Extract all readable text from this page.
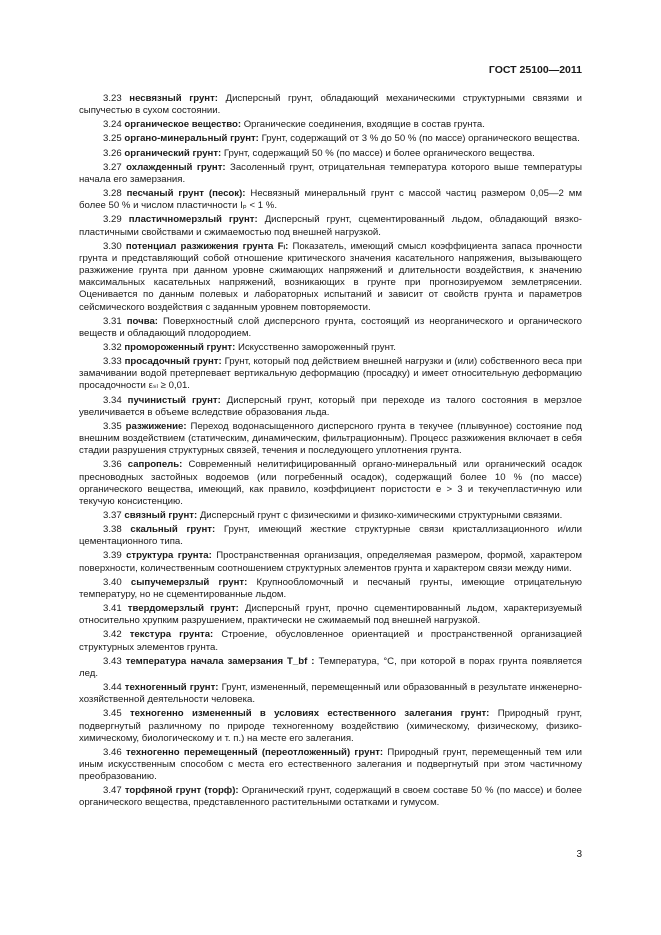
ГОСТ 25100—2011

3.23 несвязный грунт: Дисперсный грунт, обладающий механическими структурными связями и сыпучестью в сухом состоянии.

3.24 органическое вещество: Органические соединения, входящие в состав грунта.

3.25 органо-минеральный грунт: Грунт, содержащий от 3 % до 50 % (по массе) органического вещества.

3.26 органический грунт: Грунт, содержащий 50 % (по массе) и более органического вещества.

3.27 охлажденный грунт: Засоленный грунт, отрицательная температура которого выше температуры начала его замерзания.

3.28 песчаный грунт (песок): Несвязный минеральный грунт с массой частиц размером 0,05—2 мм более 50 % и числом пластичности Iₚ < 1 %.

3.29 пластичномерзлый грунт: Дисперсный грунт, сцементированный льдом, обладающий вязко-пластичными свойствами и сжимаемостью под внешней нагрузкой.

3.30 потенциал разжижения грунта Fₗ: Показатель, имеющий смысл коэффициента запаса прочности грунта и представляющий собой отношение критического значения касательного напряжения, вызывающего разжижение грунта при данном уровне сжимающих напряжений и длительности воздействия, к значению максимальных касательных напряжений, возникающих в грунте при прогнозируемом землетрясении. Оценивается по данным полевых и лабораторных испытаний и зависит от свойств грунта и параметров сейсмического воздействия с заданным уровнем повторяемости.

3.31 почва: Поверхностный слой дисперсного грунта, состоящий из неорганического и органического веществ и обладающий плодородием.

3.32 промороженный грунт: Искусственно замороженный грунт.

3.33 просадочный грунт: Грунт, который под действием внешней нагрузки и (или) собственного веса при замачивании водой претерпевает вертикальную деформацию (просадку) и имеет относительную деформацию просадочности εₛₗ ≥ 0,01.

3.34 пучинистый грунт: Дисперсный грунт, который при переходе из талого состояния в мерзлое увеличивается в объеме вследствие образования льда.

3.35 разжижение: Переход водонасыщенного дисперсного грунта в текучее (плывунное) состояние под внешним воздействием (статическим, динамическим, фильтрационным). Процесс разжижения включает в себя стадии разрушения структурных связей, течения и последующего уплотнения грунта.

3.36 сапропель: Современный нелитифицированный органо-минеральный или органический осадок пресноводных застойных водоемов (или погребенный осадок), содержащий более 10 % (по массе) органического вещества, имеющий, как правило, коэффициент пористости e > 3 и текучепластичную или текучую консистенцию.

3.37 связный грунт: Дисперсный грунт с физическими и физико-химическими структурными связями.

3.38 скальный грунт: Грунт, имеющий жесткие структурные связи кристаллизационного и/или цементационного типа.

3.39 структура грунта: Пространственная организация, определяемая размером, формой, характером поверхности, количественным соотношением структурных элементов грунта и характером связи между ними.

3.40 сыпучемерзлый грунт: Крупнообломочный и песчаный грунты, имеющие отрицательную температуру, но не сцементированные льдом.

3.41 твердомерзлый грунт: Дисперсный грунт, прочно сцементированный льдом, характеризуемый относительно хрупким разрушением, практически не сжимаемый под внешней нагрузкой.

3.42 текстура грунта: Строение, обусловленное ориентацией и пространственной организацией структурных элементов грунта.

3.43 температура начала замерзания T_bf : Температура, °С, при которой в порах грунта появляется лед.

3.44 техногенный грунт: Грунт, измененный, перемещенный или образованный в результате инженерно-хозяйственной деятельности человека.

3.45 техногенно измененный в условиях естественного залегания грунт: Природный грунт, подвергнутый различному по природе техногенному воздействию (химическому, физическому, физико-химическому, биологическому и т. п.) на месте его залегания.

3.46 техногенно перемещенный (переотложенный) грунт: Природный грунт, перемещенный тем или иным искусственным способом с места его естественного залегания и подвергнутый при этом частичному преобразованию.

3.47 торфяной грунт (торф): Органический грунт, содержащий в своем составе 50 % (по массе) и более органического вещества, представленного растительными остатками и гумусом.

3
